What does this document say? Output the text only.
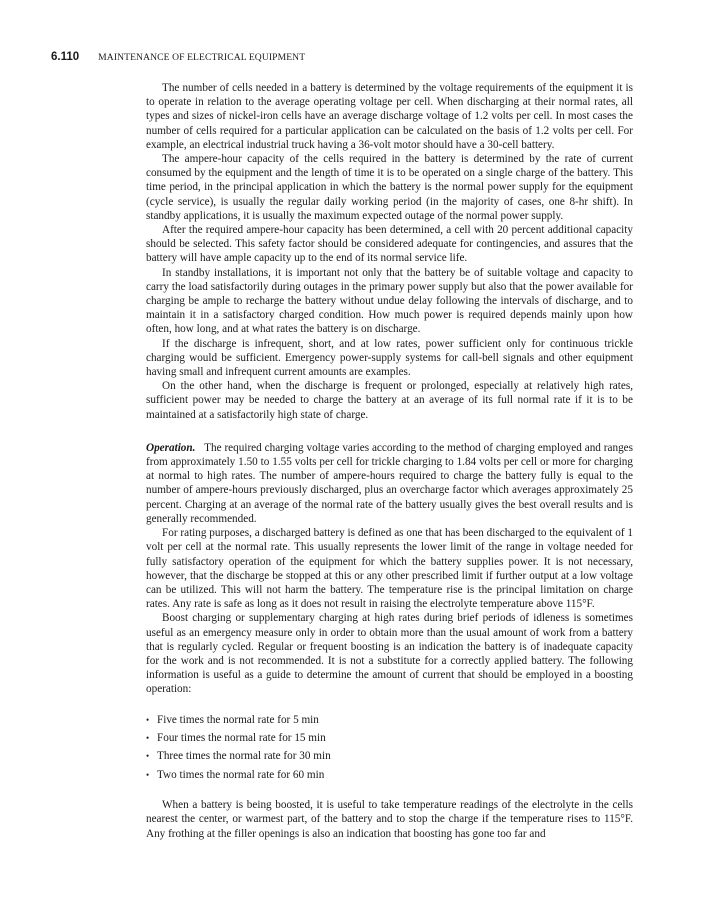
6.110 MAINTENANCE OF ELECTRICAL EQUIPMENT

The number of cells needed in a battery is determined by the voltage requirements of the equipment it is to operate in relation to the average operating voltage per cell. When discharging at their normal rates, all types and sizes of nickel-iron cells have an average discharge voltage of 1.2 volts per cell. In most cases the number of cells required for a particular application can be calculated on the basis of 1.2 volts per cell. For example, an electrical industrial truck having a 36-volt motor should have a 30-cell battery.

The ampere-hour capacity of the cells required in the battery is determined by the rate of current consumed by the equipment and the length of time it is to be operated on a single charge of the battery. This time period, in the principal application in which the battery is the normal power supply for the equipment (cycle service), is usually the regular daily working period (in the majority of cases, one 8-hr shift). In standby applications, it is usually the maximum expected outage of the normal power supply.

After the required ampere-hour capacity has been determined, a cell with 20 percent additional capacity should be selected. This safety factor should be considered adequate for contingencies, and assures that the battery will have ample capacity up to the end of its normal service life.

In standby installations, it is important not only that the battery be of suitable voltage and capacity to carry the load satisfactorily during outages in the primary power supply but also that the power available for charging be ample to recharge the battery without undue delay following the intervals of discharge, and to maintain it in a satisfactory charged condition. How much power is required depends mainly upon how often, how long, and at what rates the battery is on discharge.

If the discharge is infrequent, short, and at low rates, power sufficient only for continuous trickle charging would be sufficient. Emergency power-supply systems for call-bell signals and other equipment having small and infrequent current amounts are examples.

On the other hand, when the discharge is frequent or prolonged, especially at relatively high rates, sufficient power may be needed to charge the battery at an average of its full normal rate if it is to be maintained at a satisfactorily high state of charge.

Operation. The required charging voltage varies according to the method of charging employed and ranges from approximately 1.50 to 1.55 volts per cell for trickle charging to 1.84 volts per cell or more for charging at normal to high rates. The number of ampere-hours required to charge the battery fully is equal to the number of ampere-hours previously discharged, plus an overcharge factor which averages approximately 25 percent. Charging at an average of the normal rate of the battery usually gives the best overall results and is generally recommended.

For rating purposes, a discharged battery is defined as one that has been discharged to the equivalent of 1 volt per cell at the normal rate. This usually represents the lower limit of the range in voltage needed for fully satisfactory operation of the equipment for which the battery supplies power. It is not necessary, however, that the discharge be stopped at this or any other prescribed limit if further output at a low voltage can be utilized. This will not harm the battery. The temperature rise is the principal limitation on charge rates. Any rate is safe as long as it does not result in raising the electrolyte temperature above 115°F.

Boost charging or supplementary charging at high rates during brief periods of idleness is sometimes useful as an emergency measure only in order to obtain more than the usual amount of work from a battery that is regularly cycled. Regular or frequent boosting is an indication the battery is of inadequate capacity for the work and is not recommended. It is not a substitute for a correctly applied battery. The following information is useful as a guide to determine the amount of current that should be employed in a boosting operation:

• Five times the normal rate for 5 min
• Four times the normal rate for 15 min
• Three times the normal rate for 30 min
• Two times the normal rate for 60 min

When a battery is being boosted, it is useful to take temperature readings of the electrolyte in the cells nearest the center, or warmest part, of the battery and to stop the charge if the temperature rises to 115°F. Any frothing at the filler openings is also an indication that boosting has gone too far and
